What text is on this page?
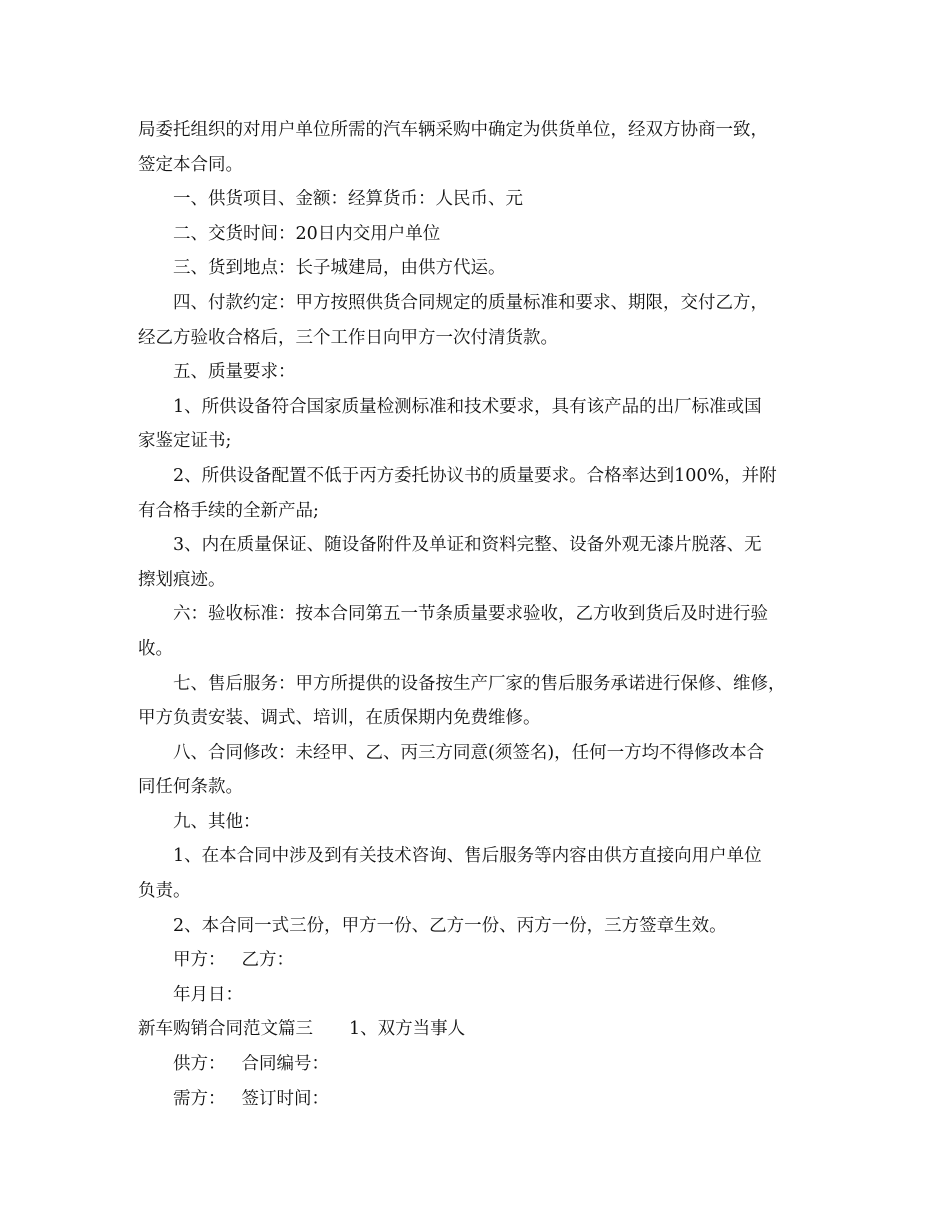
局委托组织的对用户单位所需的汽车辆采购中确定为供货单位，经双方协商一致，
签定本合同。
一、供货项目、金额：经算货币：人民币、元
二、交货时间：20日内交用户单位
三、货到地点：长子城建局，由供方代运。
四、付款约定：甲方按照供货合同规定的质量标准和要求、期限，交付乙方，
经乙方验收合格后，三个工作日向甲方一次付清货款。
五、质量要求：
1、所供设备符合国家质量检测标准和技术要求，具有该产品的出厂标准或国
家鉴定证书;
2、所供设备配置不低于丙方委托协议书的质量要求。合格率达到100%，并附
有合格手续的全新产品;
3、内在质量保证、随设备附件及单证和资料完整、设备外观无漆片脱落、无
擦划痕迹。
六：验收标准：按本合同第五一节条质量要求验收，乙方收到货后及时进行验
收。
七、售后服务：甲方所提供的设备按生产厂家的售后服务承诺进行保修、维修，
甲方负责安装、调式、培训，在质保期内免费维修。
八、合同修改：未经甲、乙、丙三方同意(须签名)，任何一方均不得修改本合
同任何条款。
九、其他：
1、在本合同中涉及到有关技术咨询、售后服务等内容由供方直接向用户单位
负责。
2、本合同一式三份，甲方一份、乙方一份、丙方一份，三方签章生效。
甲方： 乙方：
年月日：
新车购销合同范文篇三 1、双方当事人
供方： 合同编号：
需方： 签订时间：
